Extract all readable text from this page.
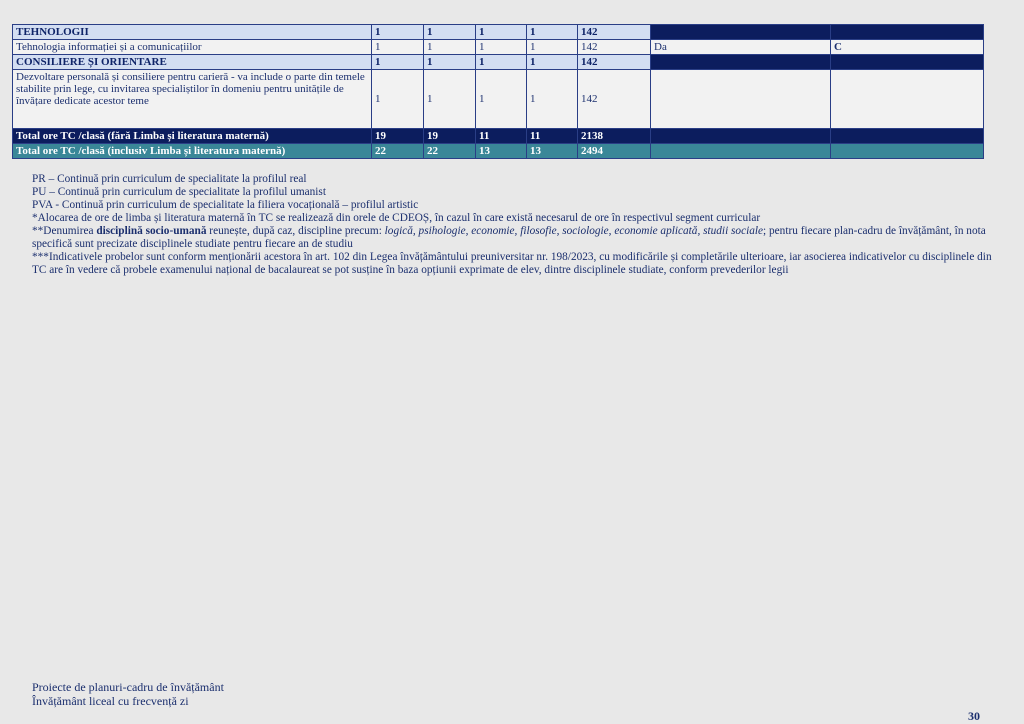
TEHNOLOGII	1	1	1	1	142		
Tehnologia informației și a comunicațiilor	1	1	1	1	142	Da	C
CONSILIERE ȘI ORIENTARE	1	1	1	1	142		
Dezvoltare personală și consiliere pentru carieră - va include o parte din temele stabilite prin lege, cu invitarea specialiștilor în domeniu pentru unitățile de învățare dedicate acestor teme	1	1	1	1	142		
Total ore TC /clasă (fără Limba și literatura maternă)	19	19	11	11	2138		
Total ore TC /clasă (inclusiv Limba și literatura maternă)	22	22	13	13	2494		

PR – Continuă prin curriculum de specialitate la profilul real

PU – Continuă prin curriculum de specialitate la profilul umanist

PVA - Continuă prin curriculum de specialitate la filiera vocațională – profilul artistic

*Alocarea de ore de limba și literatura maternă în TC se realizează din orele de CDEOȘ, în cazul în care există necesarul de ore în respectivul segment curricular

**Denumirea disciplină socio-umană reunește, după caz, discipline precum: logică, psihologie, economie, filosofie, sociologie, economie aplicată, studii sociale; pentru fiecare plan-cadru de învățământ, în nota specifică sunt precizate disciplinele studiate pentru fiecare an de studiu

***Indicativele probelor sunt conform menționării acestora în art. 102 din Legea învățământului preuniversitar nr. 198/2023, cu modificările și completările ulterioare, iar asocierea indicativelor cu disciplinele din TC are în vedere că probele examenului național de bacalaureat se pot susține în baza opțiunii exprimate de elev, dintre disciplinele studiate, conform prevederilor legii

Proiecte de planuri-cadru de învățământ
Învățământ liceal cu frecvență zi
30
